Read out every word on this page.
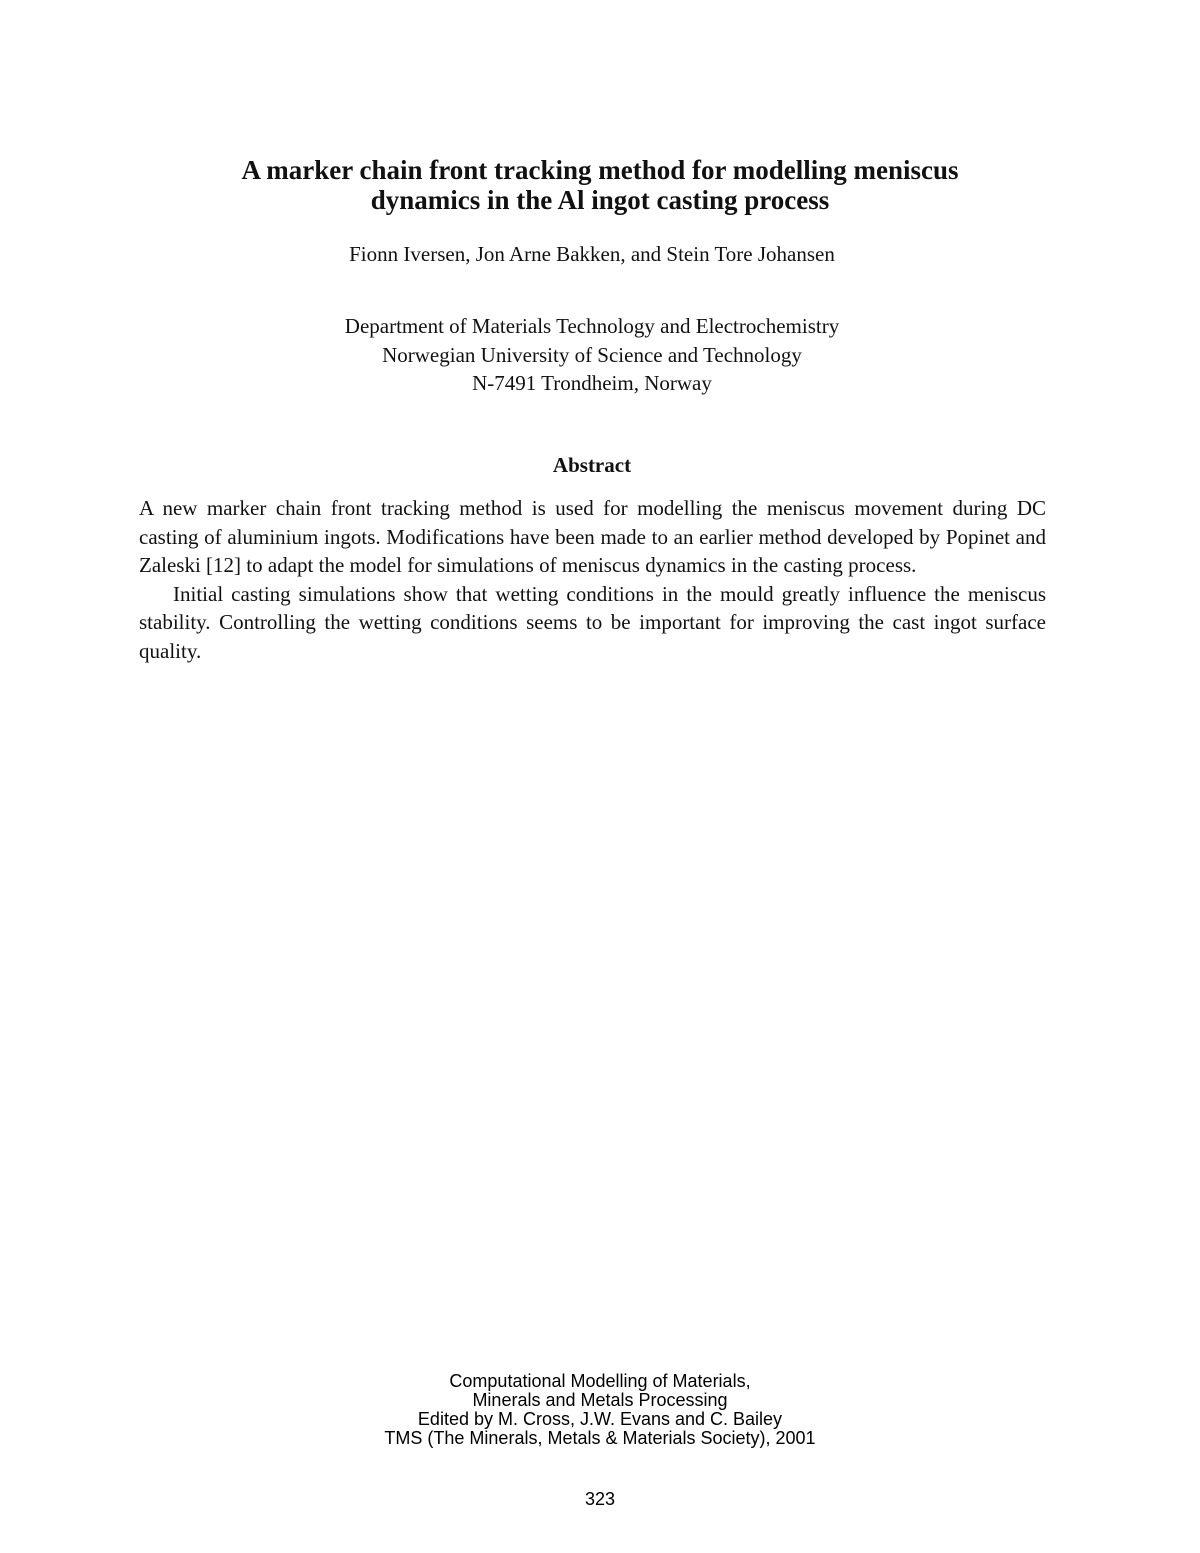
A marker chain front tracking method for modelling meniscus
dynamics in the Al ingot casting process

Fionn Iversen, Jon Arne Bakken, and Stein Tore Johansen

Department of Materials Technology and Electrochemistry
Norwegian University of Science and Technology
N-7491 Trondheim, Norway
Abstract

A new marker chain front tracking method is used for modelling the meniscus movement during DC casting of aluminium ingots. Modifications have been made to an earlier method developed by Popinet and Zaleski [12] to adapt the model for simulations of meniscus dynamics in the casting process.

Initial casting simulations show that wetting conditions in the mould greatly influence the meniscus stability. Controlling the wetting conditions seems to be important for improving the cast ingot surface quality.

Computational Modelling of Materials,
Minerals and Metals Processing
Edited by M. Cross, J.W. Evans and C. Bailey
TMS (The Minerals, Metals & Materials Society), 2001
323
